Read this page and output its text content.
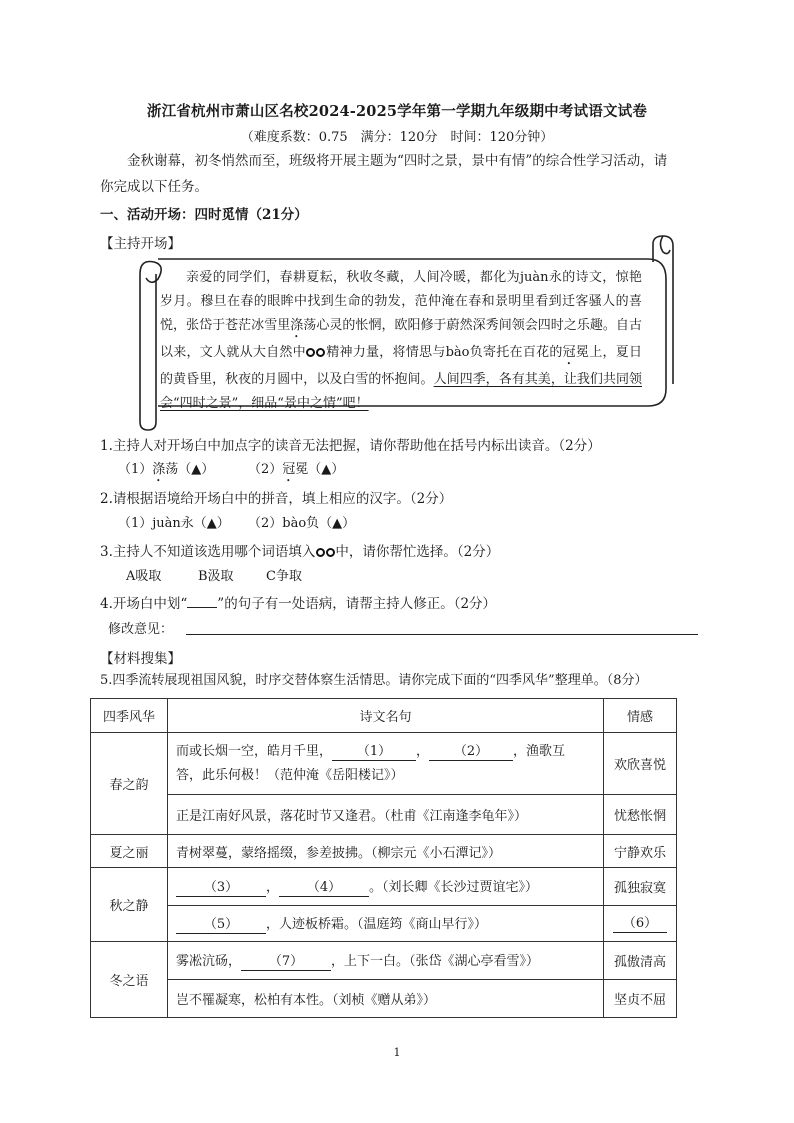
浙江省杭州市萧山区名校2024-2025学年第一学期九年级期中考试语文试卷
（难度系数：0.75　满分：120分　时间：120分钟）
金秋谢幕，初冬悄然而至，班级将开展主题为“四时之景，景中有情”的综合性学习活动，请
你完成以下任务。
一、活动开场：四时觅情（21分）
【主持开场】
亲爱的同学们，春耕夏耘，秋收冬藏，人间冷暖，都化为juàn永的诗文，惊艳岁月。穆旦在春的眼眸中找到生命的勃发，范仲淹在春和景明里看到迁客骚人的喜悦，张岱于苍茫冰雪里涤荡心灵的怅惘，欧阳修于蔚然深秀间领会四时之乐趣。自古以来，文人就从大自然中 精神力量，将情思与bào负寄托在百花的冠冕上，夏日的黄昏里，秋夜的月圆中，以及白雪的怀抱间。人间四季，各有其美，让我们共同领会“四时之景”，细品“景中之情”吧！
1.主持人对开场白中加点字的读音无法把握，请你帮助他在括号内标出读音。（2分）
（1）涤荡（▲）	（2）冠冕（▲）
2.请根据语境给开场白中的拼音，填上相应的汉字。（2分）
（1）juàn永（▲） （2）bào负（▲）
3.主持人不知道该选用哪个词语填入 中，请你帮忙选择。（2分）
A吸取	B汲取 C争取
4.开场白中划“ ”的句子有一处语病，请帮主持人修正。（2分）
修改意见：
【材料搜集】
5.四季流转展现祖国风貌，时序交替体察生活情思。请你完成下面的“四季风华”整理单。（8分）
四季风华	诗文名句	情感
春之韵	而或长烟一空，皓月千里， （1） ， （2） ，渔歌互
答，此乐何极！（范仲淹《岳阳楼记》）	欢欣喜悦
	正是江南好风景，落花时节又逢君。（杜甫《江南逢李龟年》）	忧愁怅惘
夏之丽	青树翠蔓，蒙络摇缀，参差披拂。（柳宗元《小石潭记》）	宁静欢乐
秋之静	（3） ， （4） 。（刘长卿《长沙过贾谊宅》）	孤独寂寞
	（5） ，人迹板桥霜。（温庭筠《商山早行》）	（6）
冬之语	雾凇沆砀， （7） ，上下一白。（张岱《湖心亭看雪》）	孤傲清高
	岂不罹凝寒，松柏有本性。（刘桢《赠从弟》）	坚贞不屈
1
